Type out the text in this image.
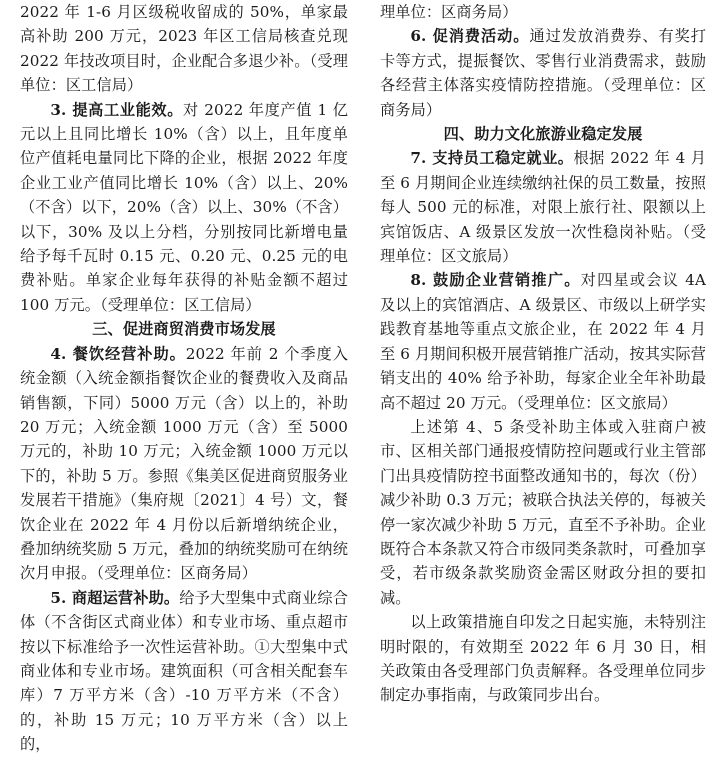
2022 年 1-6 月区级税收留成的 50%，单家最高补助 200 万元，2023 年区工信局核查兑现 2022 年技改项目时，企业配合多退少补。（受理单位：区工信局）

3. 提高工业能效。对 2022 年度产值 1 亿元以上且同比增长 10%（含）以上，且年度单位产值耗电量同比下降的企业，根据 2022 年度企业工业产值同比增长 10%（含）以上、20%（不含）以下，20%（含）以上、30%（不含）以下，30% 及以上分档，分别按同比新增电量给予每千瓦时 0.15 元、0.20 元、0.25 元的电费补贴。单家企业每年获得的补贴金额不超过 100 万元。（受理单位：区工信局）

三、促进商贸消费市场发展

4. 餐饮经营补助。2022 年前 2 个季度入统金额（入统金额指餐饮企业的餐费收入及商品销售额，下同）5000 万元（含）以上的，补助 20 万元；入统金额 1000 万元（含）至 5000 万元的，补助 10 万元；入统金额 1000 万元以下的，补助 5 万。参照《集美区促进商贸服务业发展若干措施》（集府规〔2021〕4 号）文，餐饮企业在 2022 年 4 月份以后新增纳统企业，叠加纳统奖励 5 万元，叠加的纳统奖励可在纳统次月申报。（受理单位：区商务局）

5. 商超运营补助。给予大型集中式商业综合体（不含街区式商业体）和专业市场、重点超市按以下标准给予一次性运营补助。①大型集中式商业体和专业市场。建筑面积（可含相关配套车库）7 万平方米（含）-10 万平方米（不含）的，补助 15 万元；10 万平方米（含）以上的，

理单位：区商务局）

6. 促消费活动。通过发放消费券、有奖打卡等方式，提振餐饮、零售行业消费需求，鼓励各经营主体落实疫情防控措施。（受理单位：区商务局）

四、助力文化旅游业稳定发展

7. 支持员工稳定就业。根据 2022 年 4 月至 6 月期间企业连续缴纳社保的员工数量，按照每人 500 元的标准，对限上旅行社、限额以上宾馆饭店、A 级景区发放一次性稳岗补贴。（受理单位：区文旅局）

8. 鼓励企业营销推广。对四星或会议 4A 及以上的宾馆酒店、A 级景区、市级以上研学实践教育基地等重点文旅企业，在 2022 年 4 月至 6 月期间积极开展营销推广活动，按其实际营销支出的 40% 给予补助，每家企业全年补助最高不超过 20 万元。（受理单位：区文旅局）

上述第 4、5 条受补助主体或入驻商户被市、区相关部门通报疫情防控问题或行业主管部门出具疫情防控书面整改通知书的，每次（份）减少补助 0.3 万元；被联合执法关停的，每被关停一家次减少补助 5 万元，直至不予补助。企业既符合本条款又符合市级同类条款时，可叠加享受，若市级条款奖励资金需区财政分担的要扣减。

以上政策措施自印发之日起实施，未特别注明时限的，有效期至 2022 年 6 月 30 日，相关政策由各受理部门负责解释。各受理单位同步制定办事指南，与政策同步出台。
